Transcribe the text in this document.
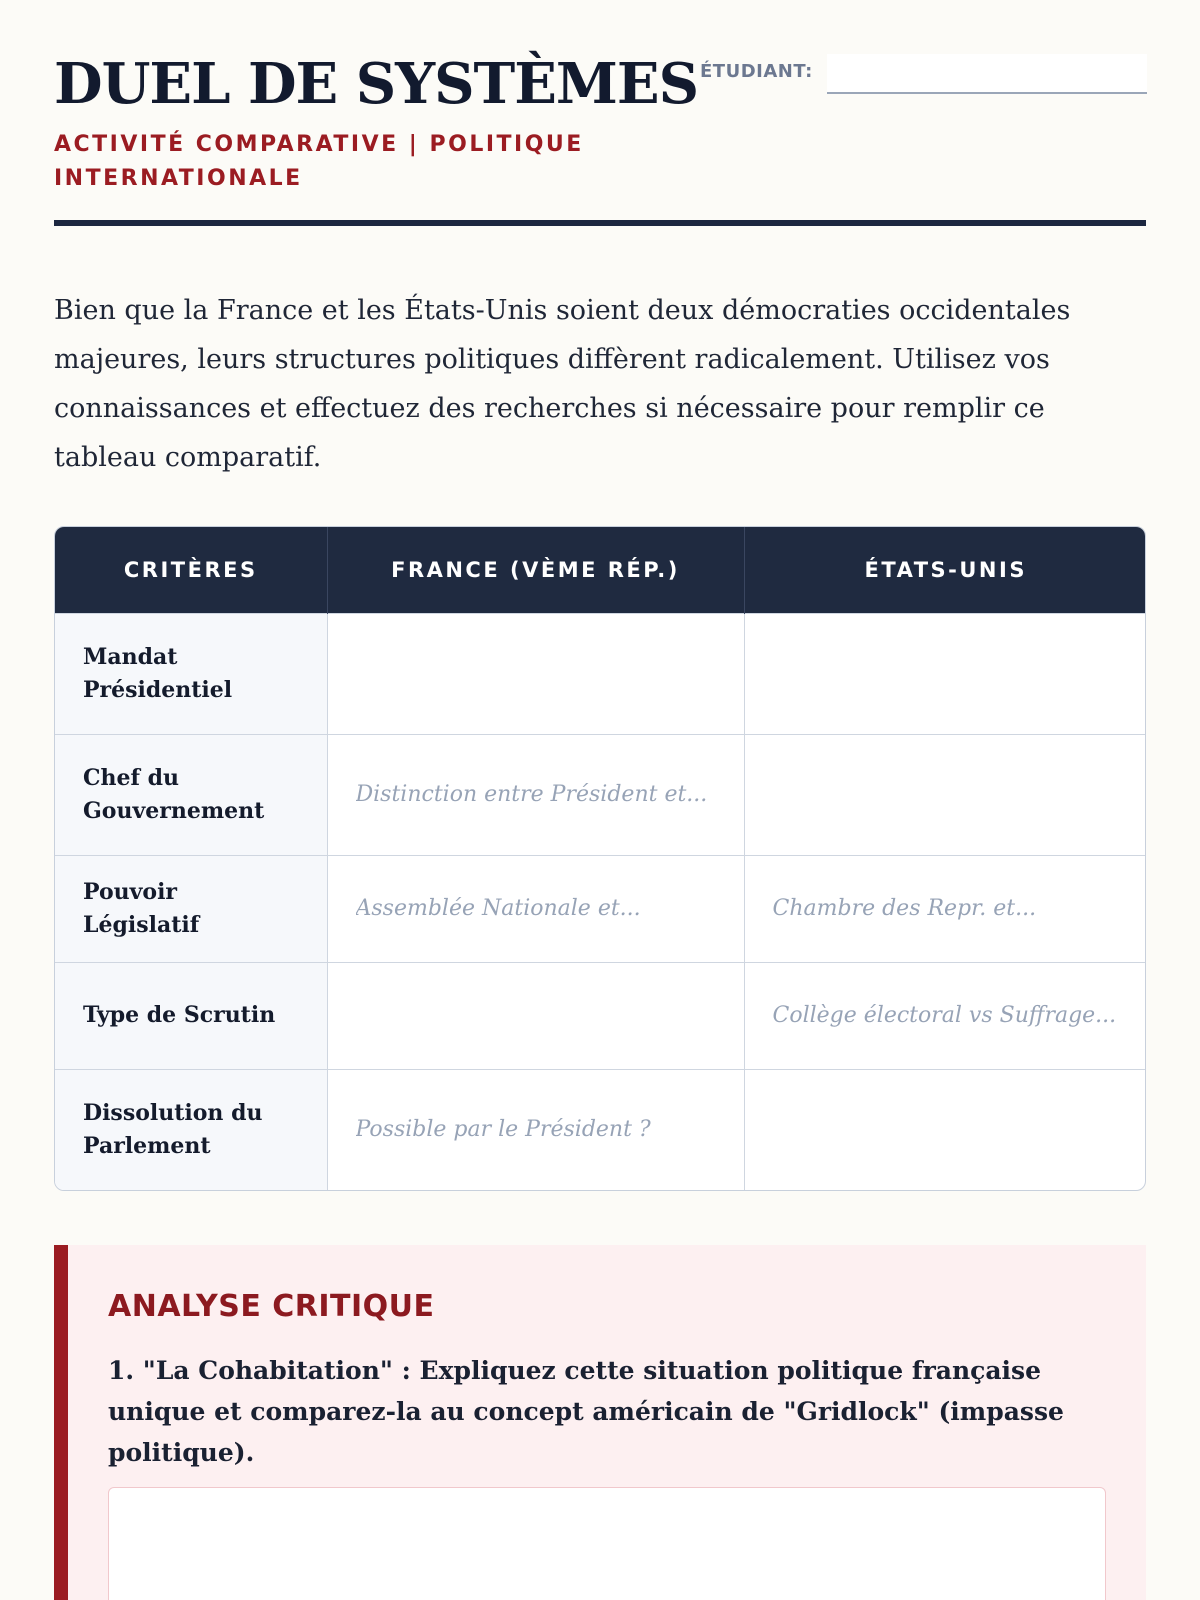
DUEL DE SYSTÈMES
ACTIVITÉ COMPARATIVE | POLITIQUE INTERNATIONALE
ÉTUDIANT:

Bien que la France et les États-Unis soient deux démocraties occidentales majeures, leurs structures politiques diffèrent radicalement. Utilisez vos connaissances et effectuez des recherches si nécessaire pour remplir ce tableau comparatif.

CRITÈRES	FRANCE (VÈME RÉP.)	ÉTATS-UNIS
Mandat Présidentiel		
Chef du Gouvernement	Distinction entre Président et...	
Pouvoir Législatif	Assemblée Nationale et...	Chambre des Repr. et...
Type de Scrutin		Collège électoral vs Suffrage...
Dissolution du Parlement	Possible par le Président ?	
ANALYSE CRITIQUE

1. "La Cohabitation" : Expliquez cette situation politique française unique et comparez-la au concept américain de "Gridlock" (impasse politique).
